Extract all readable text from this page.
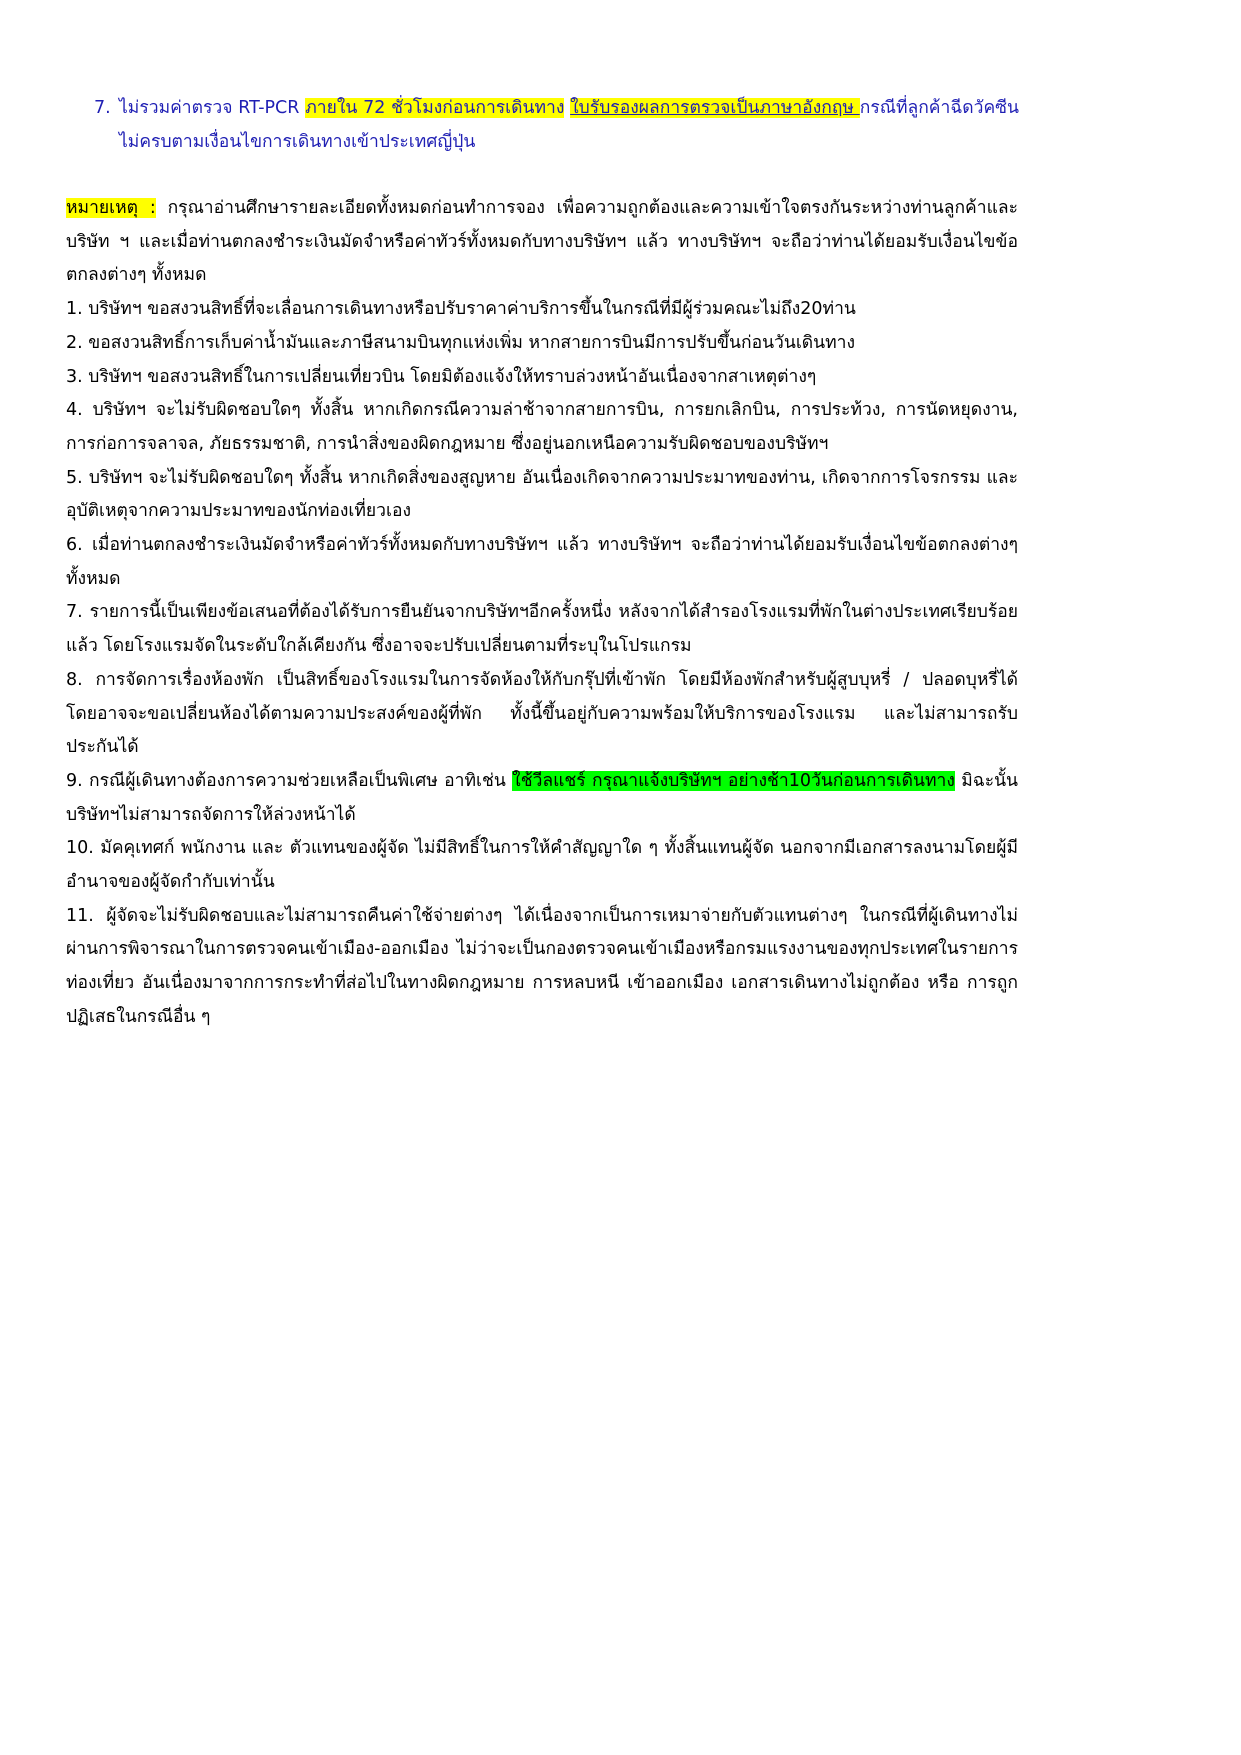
7. ไม่รวมค่าตรวจ RT-PCR ภายใน 72 ชั่วโมงก่อนการเดินทาง ใบรับรองผลการตรวจเป็นภาษาอังกฤษ กรณีที่ลูกค้าฉีดวัคซีนไม่ครบตามเงื่อนไขการเดินทางเข้าประเทศญี่ปุ่น

หมายเหตุ : กรุณาอ่านศึกษารายละเอียดทั้งหมดก่อนทำการจอง เพื่อความถูกต้องและความเข้าใจตรงกันระหว่างท่านลูกค้าและ บริษัท ฯ และเมื่อท่านตกลงชำระเงินมัดจำหรือค่าทัวร์ทั้งหมดกับทางบริษัทฯ แล้ว ทางบริษัทฯ จะถือว่าท่านได้ยอมรับเงื่อนไขข้อตกลงต่างๆ ทั้งหมด

1. บริษัทฯ ขอสงวนสิทธิ์ที่จะเลื่อนการเดินทางหรือปรับราคาค่าบริการขึ้นในกรณีที่มีผู้ร่วมคณะไม่ถึง20ท่าน

2. ขอสงวนสิทธิ์การเก็บค่าน้ำมันและภาษีสนามบินทุกแห่งเพิ่ม หากสายการบินมีการปรับขึ้นก่อนวันเดินทาง

3. บริษัทฯ ขอสงวนสิทธิ์ในการเปลี่ยนเที่ยวบิน โดยมิต้องแจ้งให้ทราบล่วงหน้าอันเนื่องจากสาเหตุต่างๆ

4. บริษัทฯ จะไม่รับผิดชอบใดๆ ทั้งสิ้น หากเกิดกรณีความล่าช้าจากสายการบิน, การยกเลิกบิน, การประท้วง, การนัดหยุดงาน, การก่อการจลาจล, ภัยธรรมชาติ, การนำสิ่งของผิดกฎหมาย ซึ่งอยู่นอกเหนือความรับผิดชอบของบริษัทฯ

5. บริษัทฯ จะไม่รับผิดชอบใดๆ ทั้งสิ้น หากเกิดสิ่งของสูญหาย อันเนื่องเกิดจากความประมาทของท่าน, เกิดจากการโจรกรรม และ อุบัติเหตุจากความประมาทของนักท่องเที่ยวเอง

6. เมื่อท่านตกลงชำระเงินมัดจำหรือค่าทัวร์ทั้งหมดกับทางบริษัทฯ แล้ว ทางบริษัทฯ จะถือว่าท่านได้ยอมรับเงื่อนไขข้อตกลงต่างๆ ทั้งหมด

7. รายการนี้เป็นเพียงข้อเสนอที่ต้องได้รับการยืนยันจากบริษัทฯอีกครั้งหนึ่ง หลังจากได้สำรองโรงแรมที่พักในต่างประเทศเรียบร้อยแล้ว โดยโรงแรมจัดในระดับใกล้เคียงกัน ซึ่งอาจจะปรับเปลี่ยนตามที่ระบุในโปรแกรม

8. การจัดการเรื่องห้องพัก เป็นสิทธิ์ของโรงแรมในการจัดห้องให้กับกรุ๊ปที่เข้าพัก โดยมีห้องพักสำหรับผู้สูบบุหรี่ / ปลอดบุหรี่ได้ โดยอาจจะขอเปลี่ยนห้องได้ตามความประสงค์ของผู้ที่พัก ทั้งนี้ขึ้นอยู่กับความพร้อมให้บริการของโรงแรม และไม่สามารถรับประกันได้

9. กรณีผู้เดินทางต้องการความช่วยเหลือเป็นพิเศษ อาทิเช่น ใช้วีลแชร์ กรุณาแจ้งบริษัทฯ อย่างช้า10วันก่อนการเดินทาง มิฉะนั้น บริษัทฯไม่สามารถจัดการให้ล่วงหน้าได้

10. มัคคุเทศก์ พนักงาน และ ตัวแทนของผู้จัด ไม่มีสิทธิ์ในการให้คำสัญญาใด ๆ ทั้งสิ้นแทนผู้จัด นอกจากมีเอกสารลงนามโดยผู้มีอำนาจของผู้จัดกำกับเท่านั้น

11. ผู้จัดจะไม่รับผิดชอบและไม่สามารถคืนค่าใช้จ่ายต่างๆ ได้เนื่องจากเป็นการเหมาจ่ายกับตัวแทนต่างๆ ในกรณีที่ผู้เดินทางไม่ผ่านการพิจารณาในการตรวจคนเข้าเมือง-ออกเมือง ไม่ว่าจะเป็นกองตรวจคนเข้าเมืองหรือกรมแรงงานของทุกประเทศในรายการท่องเที่ยว อันเนื่องมาจากการกระทำที่ส่อไปในทางผิดกฎหมาย การหลบหนี เข้าออกเมือง เอกสารเดินทางไม่ถูกต้อง หรือ การถูกปฏิเสธในกรณีอื่น ๆ
